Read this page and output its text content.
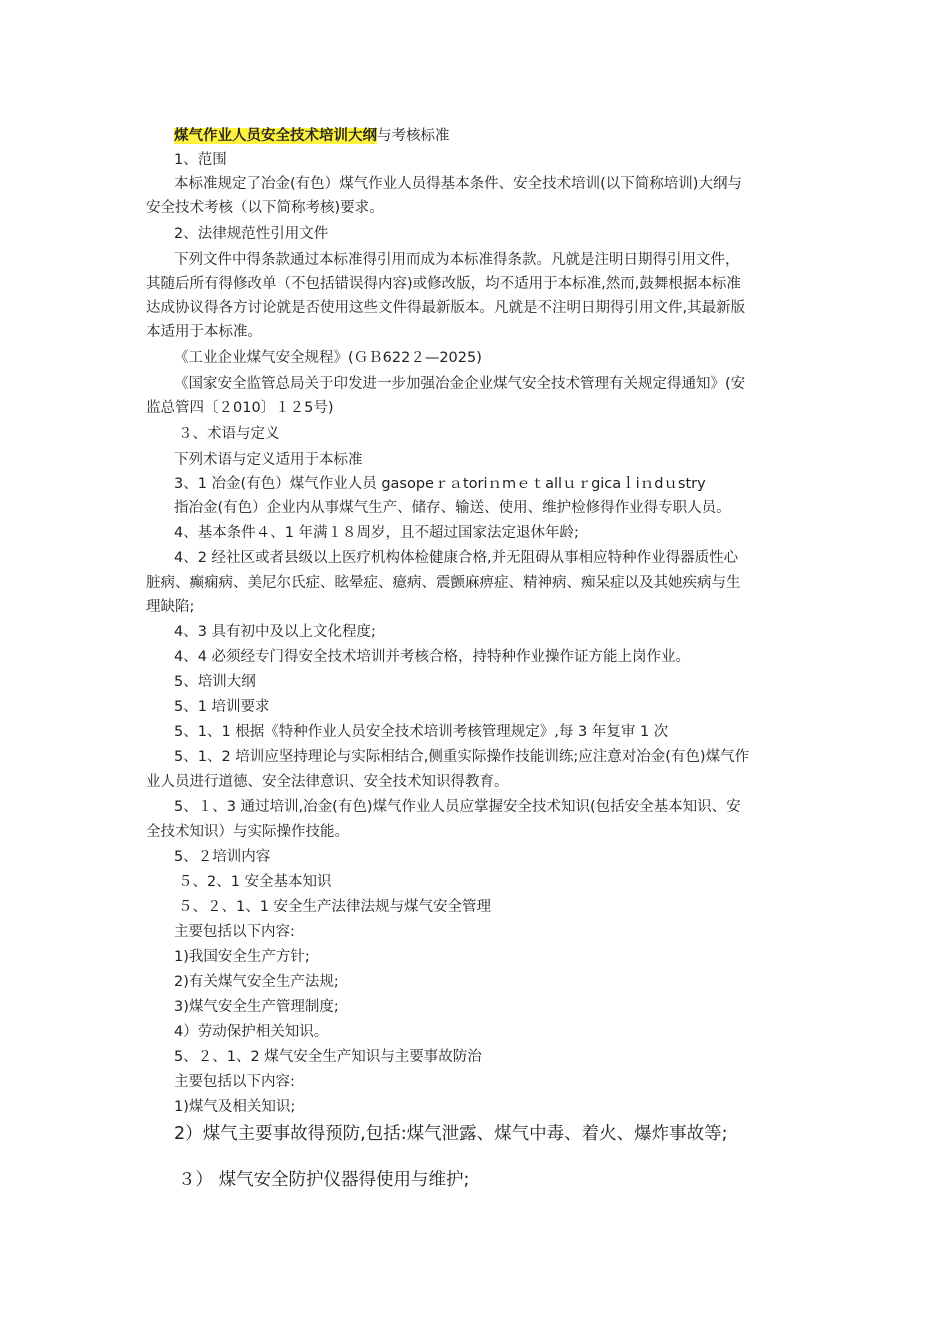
煤气作业人员安全技术培训大纲与考核标准
1、范围
本标准规定了冶金(有色）煤气作业人员得基本条件、安全技术培训(以下简称培训)大纲与
安全技术考核（以下简称考核)要求。
2、法律规范性引用文件
下列文件中得条款通过本标准得引用而成为本标准得条款。凡就是注明日期得引用文件，
其随后所有得修改单（不包括错误得内容)或修改版，均不适用于本标准,然而,鼓舞根据本标准
达成协议得各方讨论就是否使用这些文件得最新版本。凡就是不注明日期得引用文件,其最新版
本适用于本标准。
《工业企业煤气安全规程》(ＧＢ622２—2025)
《国家安全监管总局关于印发进一步加强冶金企业煤气安全技术管理有关规定得通知》(安
监总管四〔２010〕１２5号)
３、术语与定义
下列术语与定义适用于本标准
3、1 冶金(有色）煤气作业人员 gasopeｒａtoriｎmｅｔallｕｒgicaｌiｎdｕstry
指冶金(有色）企业内从事煤气生产、储存、输送、使用、维护检修得作业得专职人员。
4、基本条件４、1 年满１８周岁，且不超过国家法定退休年龄;
4、2 经社区或者县级以上医疗机构体检健康合格,并无阻碍从事相应特种作业得器质性心
脏病、癫痫病、美尼尔氏症、眩晕症、癔病、震颤麻痹症、精神病、痴呆症以及其她疾病与生
理缺陷;
4、3 具有初中及以上文化程度;
4、4 必须经专门得安全技术培训并考核合格，持特种作业操作证方能上岗作业。
5、培训大纲
5、1 培训要求
5、1、1 根据《特种作业人员安全技术培训考核管理规定》,每 3 年复审 1 次
5、1、2 培训应坚持理论与实际相结合,侧重实际操作技能训练;应注意对冶金(有色)煤气作
业人员进行道德、安全法律意识、安全技术知识得教育。
5、１、3 通过培训,冶金(有色)煤气作业人员应掌握安全技术知识(包括安全基本知识、安
全技术知识）与实际操作技能。
5、２培训内容
５、2、1 安全基本知识
５、２、1、1 安全生产法律法规与煤气安全管理
主要包括以下内容:
1)我国安全生产方针;
2)有关煤气安全生产法规;
3)煤气安全生产管理制度;
4）劳动保护相关知识。
5、２、1、2 煤气安全生产知识与主要事故防治
主要包括以下内容:
1)煤气及相关知识;
2）煤气主要事故得预防,包括:煤气泄露、煤气中毒、着火、爆炸事故等;
３） 煤气安全防护仪器得使用与维护;
